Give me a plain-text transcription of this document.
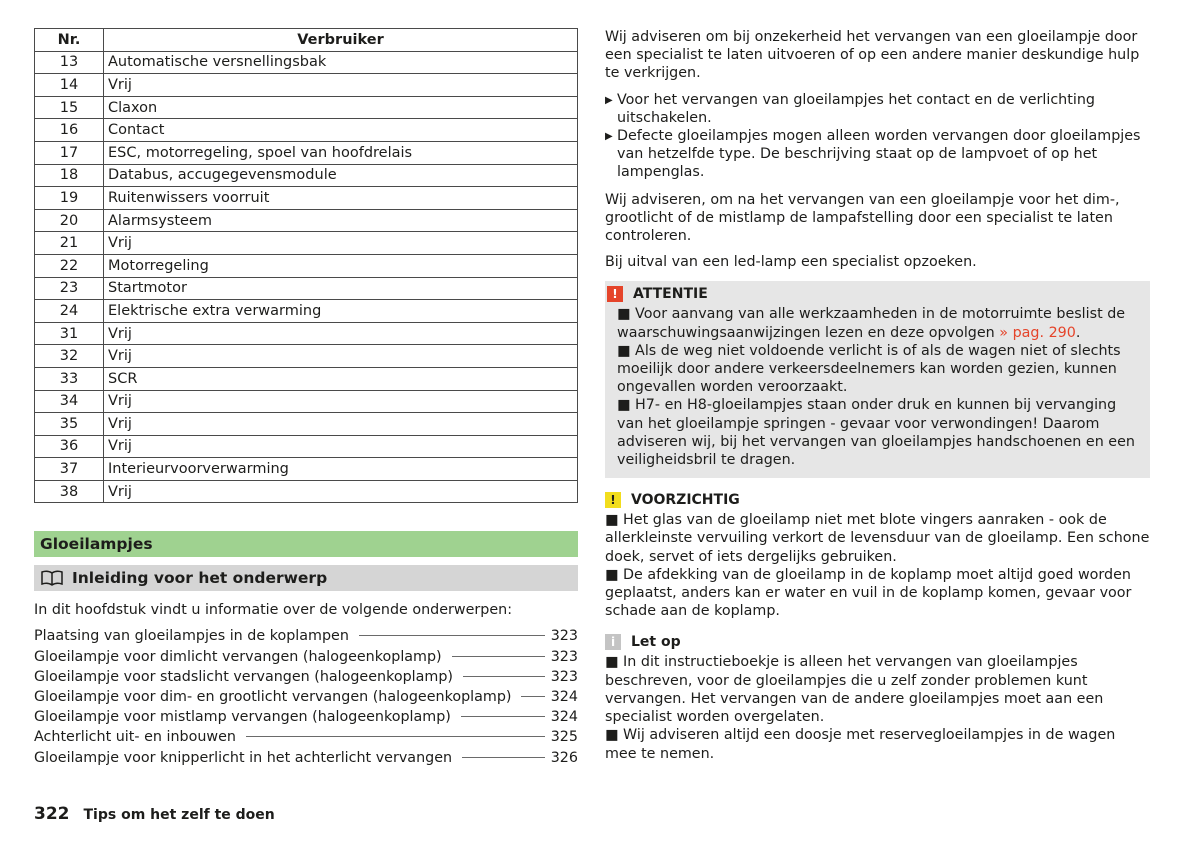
Nr.	Verbruiker
13	Automatische versnellingsbak
14	Vrij
15	Claxon
16	Contact
17	ESC, motorregeling, spoel van hoofdrelais
18	Databus, accugegevensmodule
19	Ruitenwissers voorruit
20	Alarmsysteem
21	Vrij
22	Motorregeling
23	Startmotor
24	Elektrische extra verwarming
31	Vrij
32	Vrij
33	SCR
34	Vrij
35	Vrij
36	Vrij
37	Interieurvoorverwarming
38	Vrij
Gloeilampjes
Inleiding voor het onderwerp
In dit hoofdstuk vindt u informatie over de volgende onderwerpen:
Plaatsing van gloeilampjes in de koplampen	323
Gloeilampje voor dimlicht vervangen (halogeenkoplamp)	323
Gloeilampje voor stadslicht vervangen (halogeenkoplamp)	323
Gloeilampje voor dim- en grootlicht vervangen (halogeenkoplamp)	324
Gloeilampje voor mistlamp vervangen (halogeenkoplamp)	324
Achterlicht uit- en inbouwen	325
Gloeilampje voor knipperlicht in het achterlicht vervangen	326

Wij adviseren om bij onzekerheid het vervangen van een gloeilampje door een specialist te laten uitvoeren of op een andere manier deskundige hulp te verkrijgen.

▶ Voor het vervangen van gloeilampjes het contact en de verlichting uitschakelen.
▶ Defecte gloeilampjes mogen alleen worden vervangen door gloeilampjes van hetzelfde type. De beschrijving staat op de lampvoet of op het lampenglas.

Wij adviseren, om na het vervangen van een gloeilampje voor het dim-, grootlicht of de mistlamp de lampafstelling door een specialist te laten controleren.

Bij uitval van een led-lamp een specialist opzoeken.

!	ATTENTIE

■ Voor aanvang van alle werkzaamheden in de motorruimte beslist de waarschuwingsaanwijzingen lezen en deze opvolgen » pag. 290.

■ Als de weg niet voldoende verlicht is of als de wagen niet of slechts moeilijk door andere verkeersdeelnemers kan worden gezien, kunnen ongevallen worden veroorzaakt.

■ H7- en H8-gloeilampjes staan onder druk en kunnen bij vervanging van het gloeilampje springen - gevaar voor verwondingen! Daarom adviseren wij, bij het vervangen van gloeilampjes handschoenen en een veiligheidsbril te dragen.

!	VOORZICHTIG

■ Het glas van de gloeilamp niet met blote vingers aanraken - ook de allerkleinste vervuiling verkort de levensduur van de gloeilamp. Een schone doek, servet of iets dergelijks gebruiken.

■ De afdekking van de gloeilamp in de koplamp moet altijd goed worden geplaatst, anders kan er water en vuil in de koplamp komen, gevaar voor schade aan de koplamp.

i	Let op

■ In dit instructieboekje is alleen het vervangen van gloeilampjes beschreven, voor de gloeilampjes die u zelf zonder problemen kunt vervangen. Het vervangen van de andere gloeilampjes moet aan een specialist worden overgelaten.

■ Wij adviseren altijd een doosje met reservegloeilampjes in de wagen mee te nemen.

322 Tips om het zelf te doen
